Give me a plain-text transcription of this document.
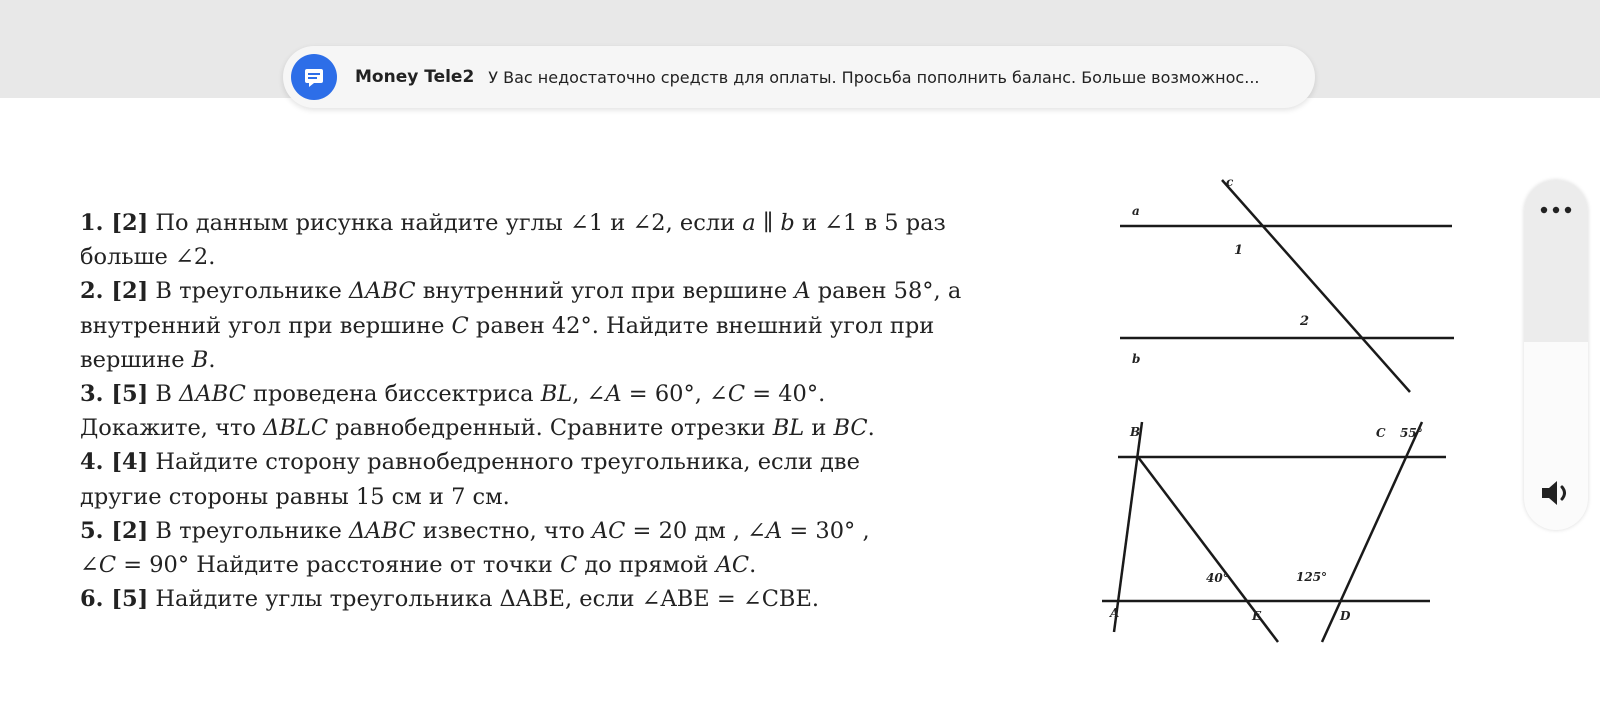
Money Tele2 У Вас недостаточно средств для оплаты. Просьба пополнить баланс. Больше возможнос...
1. [2] По данным рисунка найдите углы ∠1 и ∠2, если a ∥ b и ∠1 в 5 раз
больше ∠2.
2. [2] В треугольнике ΔABC внутренний угол при вершине A равен 58°, а
внутренний угол при вершине C равен 42°. Найдите внешний угол при
вершине B.
3. [5] В ΔABC проведена биссектриса BL, ∠A = 60°, ∠C = 40°.
Докажите, что ΔBLC равнобедренный. Сравните отрезки BL и BC.
4. [4] Найдите сторону равнобедренного треугольника, если две
другие стороны равны 15 см и 7 см.
5. [2] В треугольнике ΔABC известно, что AC = 20 дм , ∠A = 30° ,
∠C = 90° Найдите расстояние от точки C до прямой AC.
6. [5] Найдите углы треугольника ΔABE, если ∠ABE = ∠CBE.
a
b
c
1
2
B	C 55°
40°	125°
A	E	D
